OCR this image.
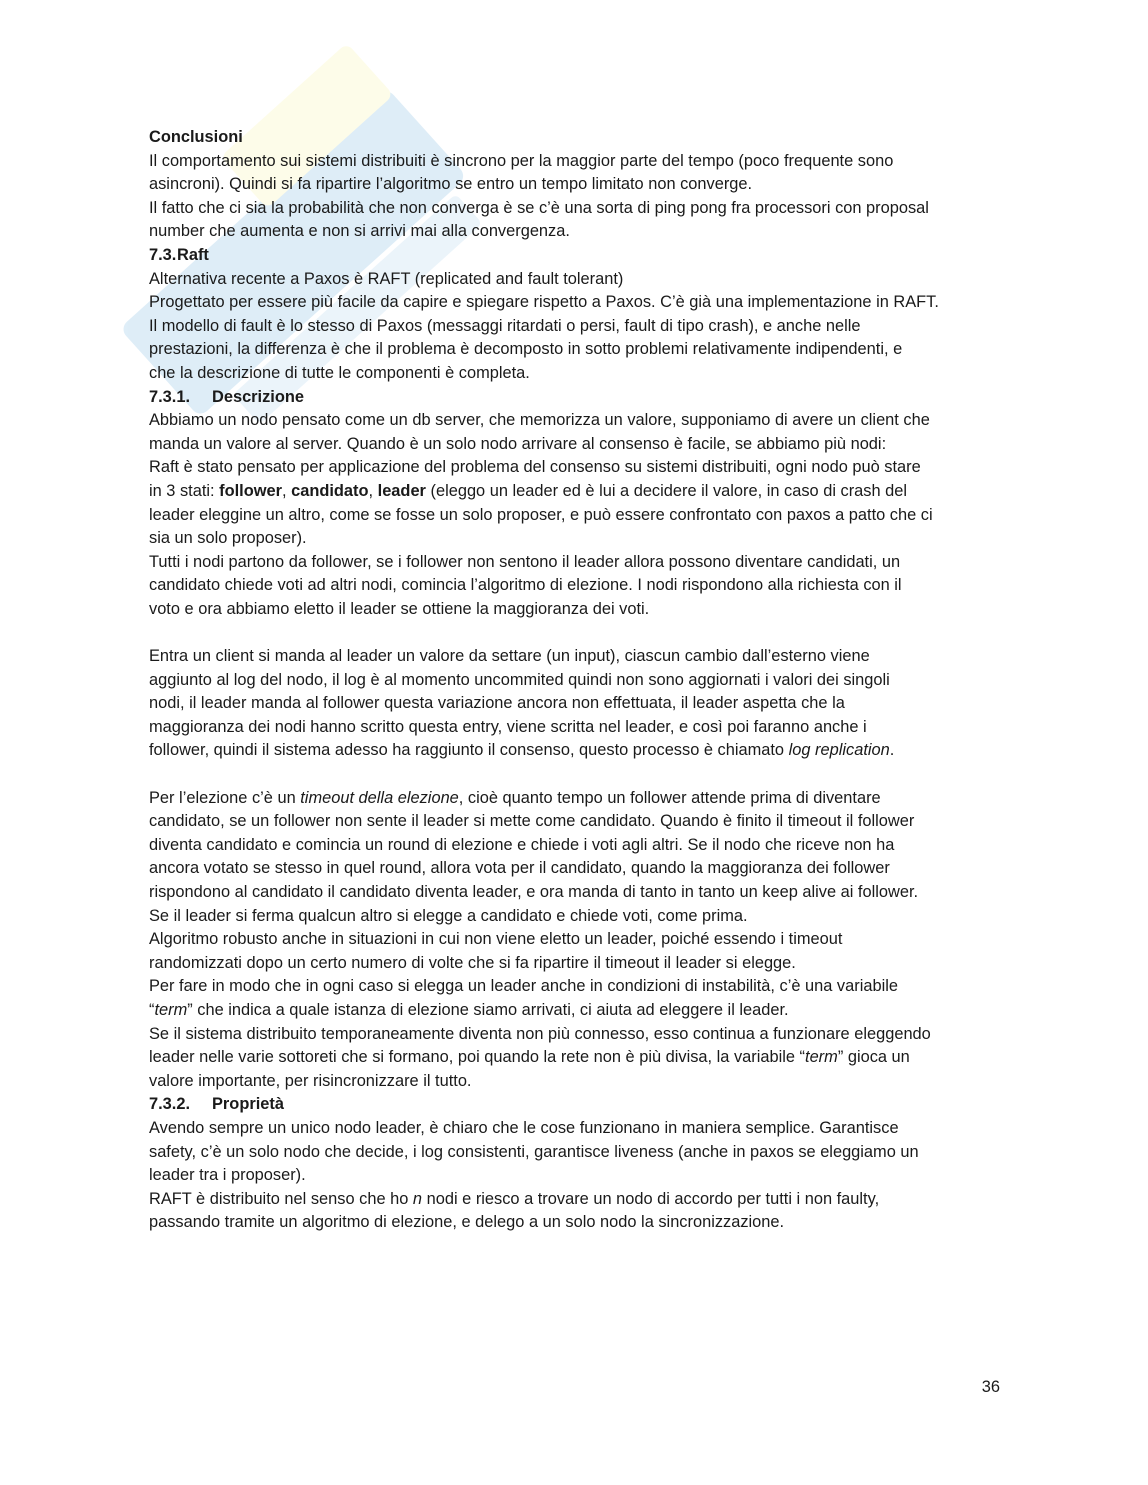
Conclusioni

Il comportamento sui sistemi distribuiti è sincrono per la maggior parte del tempo (poco frequente sono

asincroni). Quindi si fa ripartire l’algoritmo se entro un tempo limitato non converge.

Il fatto che ci sia la probabilità che non converga è se c’è una sorta di ping pong fra processori con proposal

number che aumenta e non si arrivi mai alla convergenza.

7.3.Raft

Alternativa recente a Paxos è RAFT (replicated and fault tolerant)

Progettato per essere più facile da capire e spiegare rispetto a Paxos. C’è già una implementazione in RAFT.

Il modello di fault è lo stesso di Paxos (messaggi ritardati o persi, fault di tipo crash), e anche nelle

prestazioni, la differenza è che il problema è decomposto in sotto problemi relativamente indipendenti, e

che la descrizione di tutte le componenti è completa.

7.3.1. Descrizione

Abbiamo un nodo pensato come un db server, che memorizza un valore, supponiamo di avere un client che

manda un valore al server. Quando è un solo nodo arrivare al consenso è facile, se abbiamo più nodi:

Raft è stato pensato per applicazione del problema del consenso su sistemi distribuiti, ogni nodo può stare

in 3 stati: follower, candidato, leader (eleggo un leader ed è lui a decidere il valore, in caso di crash del

leader eleggine un altro, come se fosse un solo proposer, e può essere confrontato con paxos a patto che ci

sia un solo proposer).

Tutti i nodi partono da follower, se i follower non sentono il leader allora possono diventare candidati, un

candidato chiede voti ad altri nodi, comincia l’algoritmo di elezione. I nodi rispondono alla richiesta con il

voto e ora abbiamo eletto il leader se ottiene la maggioranza dei voti.

Entra un client si manda al leader un valore da settare (un input), ciascun cambio dall’esterno viene

aggiunto al log del nodo, il log è al momento uncommited quindi non sono aggiornati i valori dei singoli

nodi, il leader manda al follower questa variazione ancora non effettuata, il leader aspetta che la

maggioranza dei nodi hanno scritto questa entry, viene scritta nel leader, e così poi faranno anche i

follower, quindi il sistema adesso ha raggiunto il consenso, questo processo è chiamato log replication.

Per l’elezione c’è un timeout della elezione, cioè quanto tempo un follower attende prima di diventare

candidato, se un follower non sente il leader si mette come candidato. Quando è finito il timeout il follower

diventa candidato e comincia un round di elezione e chiede i voti agli altri. Se il nodo che riceve non ha

ancora votato se stesso in quel round, allora vota per il candidato, quando la maggioranza dei follower

rispondono al candidato il candidato diventa leader, e ora manda di tanto in tanto un keep alive ai follower.

Se il leader si ferma qualcun altro si elegge a candidato e chiede voti, come prima.

Algoritmo robusto anche in situazioni in cui non viene eletto un leader, poiché essendo i timeout

randomizzati dopo un certo numero di volte che si fa ripartire il timeout il leader si elegge.

Per fare in modo che in ogni caso si elegga un leader anche in condizioni di instabilità, c’è una variabile

“term” che indica a quale istanza di elezione siamo arrivati, ci aiuta ad eleggere il leader.

Se il sistema distribuito temporaneamente diventa non più connesso, esso continua a funzionare eleggendo

leader nelle varie sottoreti che si formano, poi quando la rete non è più divisa, la variabile “term” gioca un

valore importante, per risincronizzare il tutto.

7.3.2. Proprietà

Avendo sempre un unico nodo leader, è chiaro che le cose funzionano in maniera semplice. Garantisce

safety, c’è un solo nodo che decide, i log consistenti, garantisce liveness (anche in paxos se eleggiamo un

leader tra i proposer).

RAFT è distribuito nel senso che ho n nodi e riesco a trovare un nodo di accordo per tutti i non faulty,

passando tramite un algoritmo di elezione, e delego a un solo nodo la sincronizzazione.

36
